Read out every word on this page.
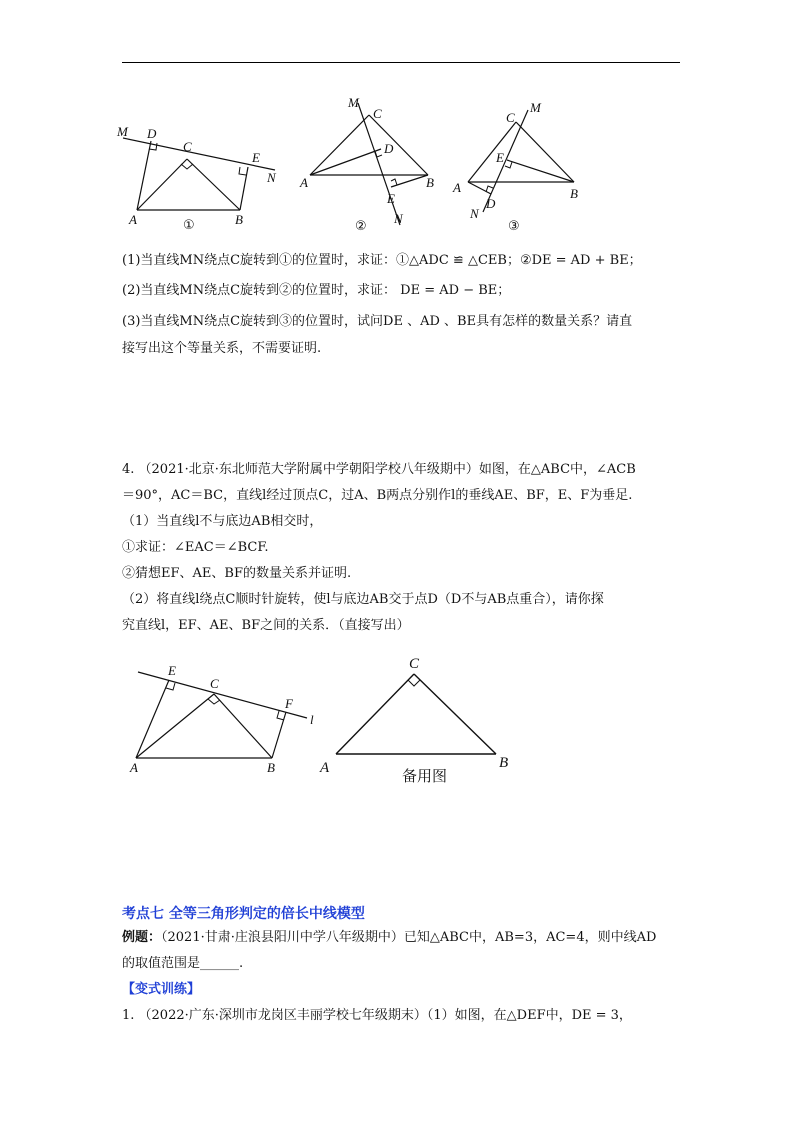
M D
C
E
N
A	B
①
M
C
D
A	B
E
N
②
C
M
E
A
D
N
B
③
(1)当直线MN绕点C旋转到①的位置时，求证：①△ADC ≌ △CEB；②DE = AD + BE；
(2)当直线MN绕点C旋转到②的位置时，求证： DE = AD − BE；
(3)当直线MN绕点C旋转到③的位置时，试问DE 、AD 、BE具有怎样的数量关系？请直
接写出这个等量关系，不需要证明.
4. （2021·北京·东北师范大学附属中学朝阳学校八年级期中）如图，在△ABC中，∠ACB
＝90°，AC＝BC，直线l经过顶点C，过A、B两点分别作l的垂线AE、BF，E、F为垂足.
（1）当直线l不与底边AB相交时，
①求证：∠EAC＝∠BCF.
②猜想EF、AE、BF的数量关系并证明.
（2）将直线l绕点C顺时针旋转，使l与底边AB交于点D（D不与AB点重合），请你探
究直线l，EF、AE、BF之间的关系．（直接写出）
E
C
F
l
A	B
C
A	B
备用图
考点七 全等三角形判定的倍长中线模型
例题：（2021·甘肃·庄浪县阳川中学八年级期中）已知△ABC中，AB=3，AC=4，则中线AD
的取值范围是______.
【变式训练】
1. （2022·广东·深圳市龙岗区丰丽学校七年级期末）（1）如图，在△DEF中，DE = 3，
